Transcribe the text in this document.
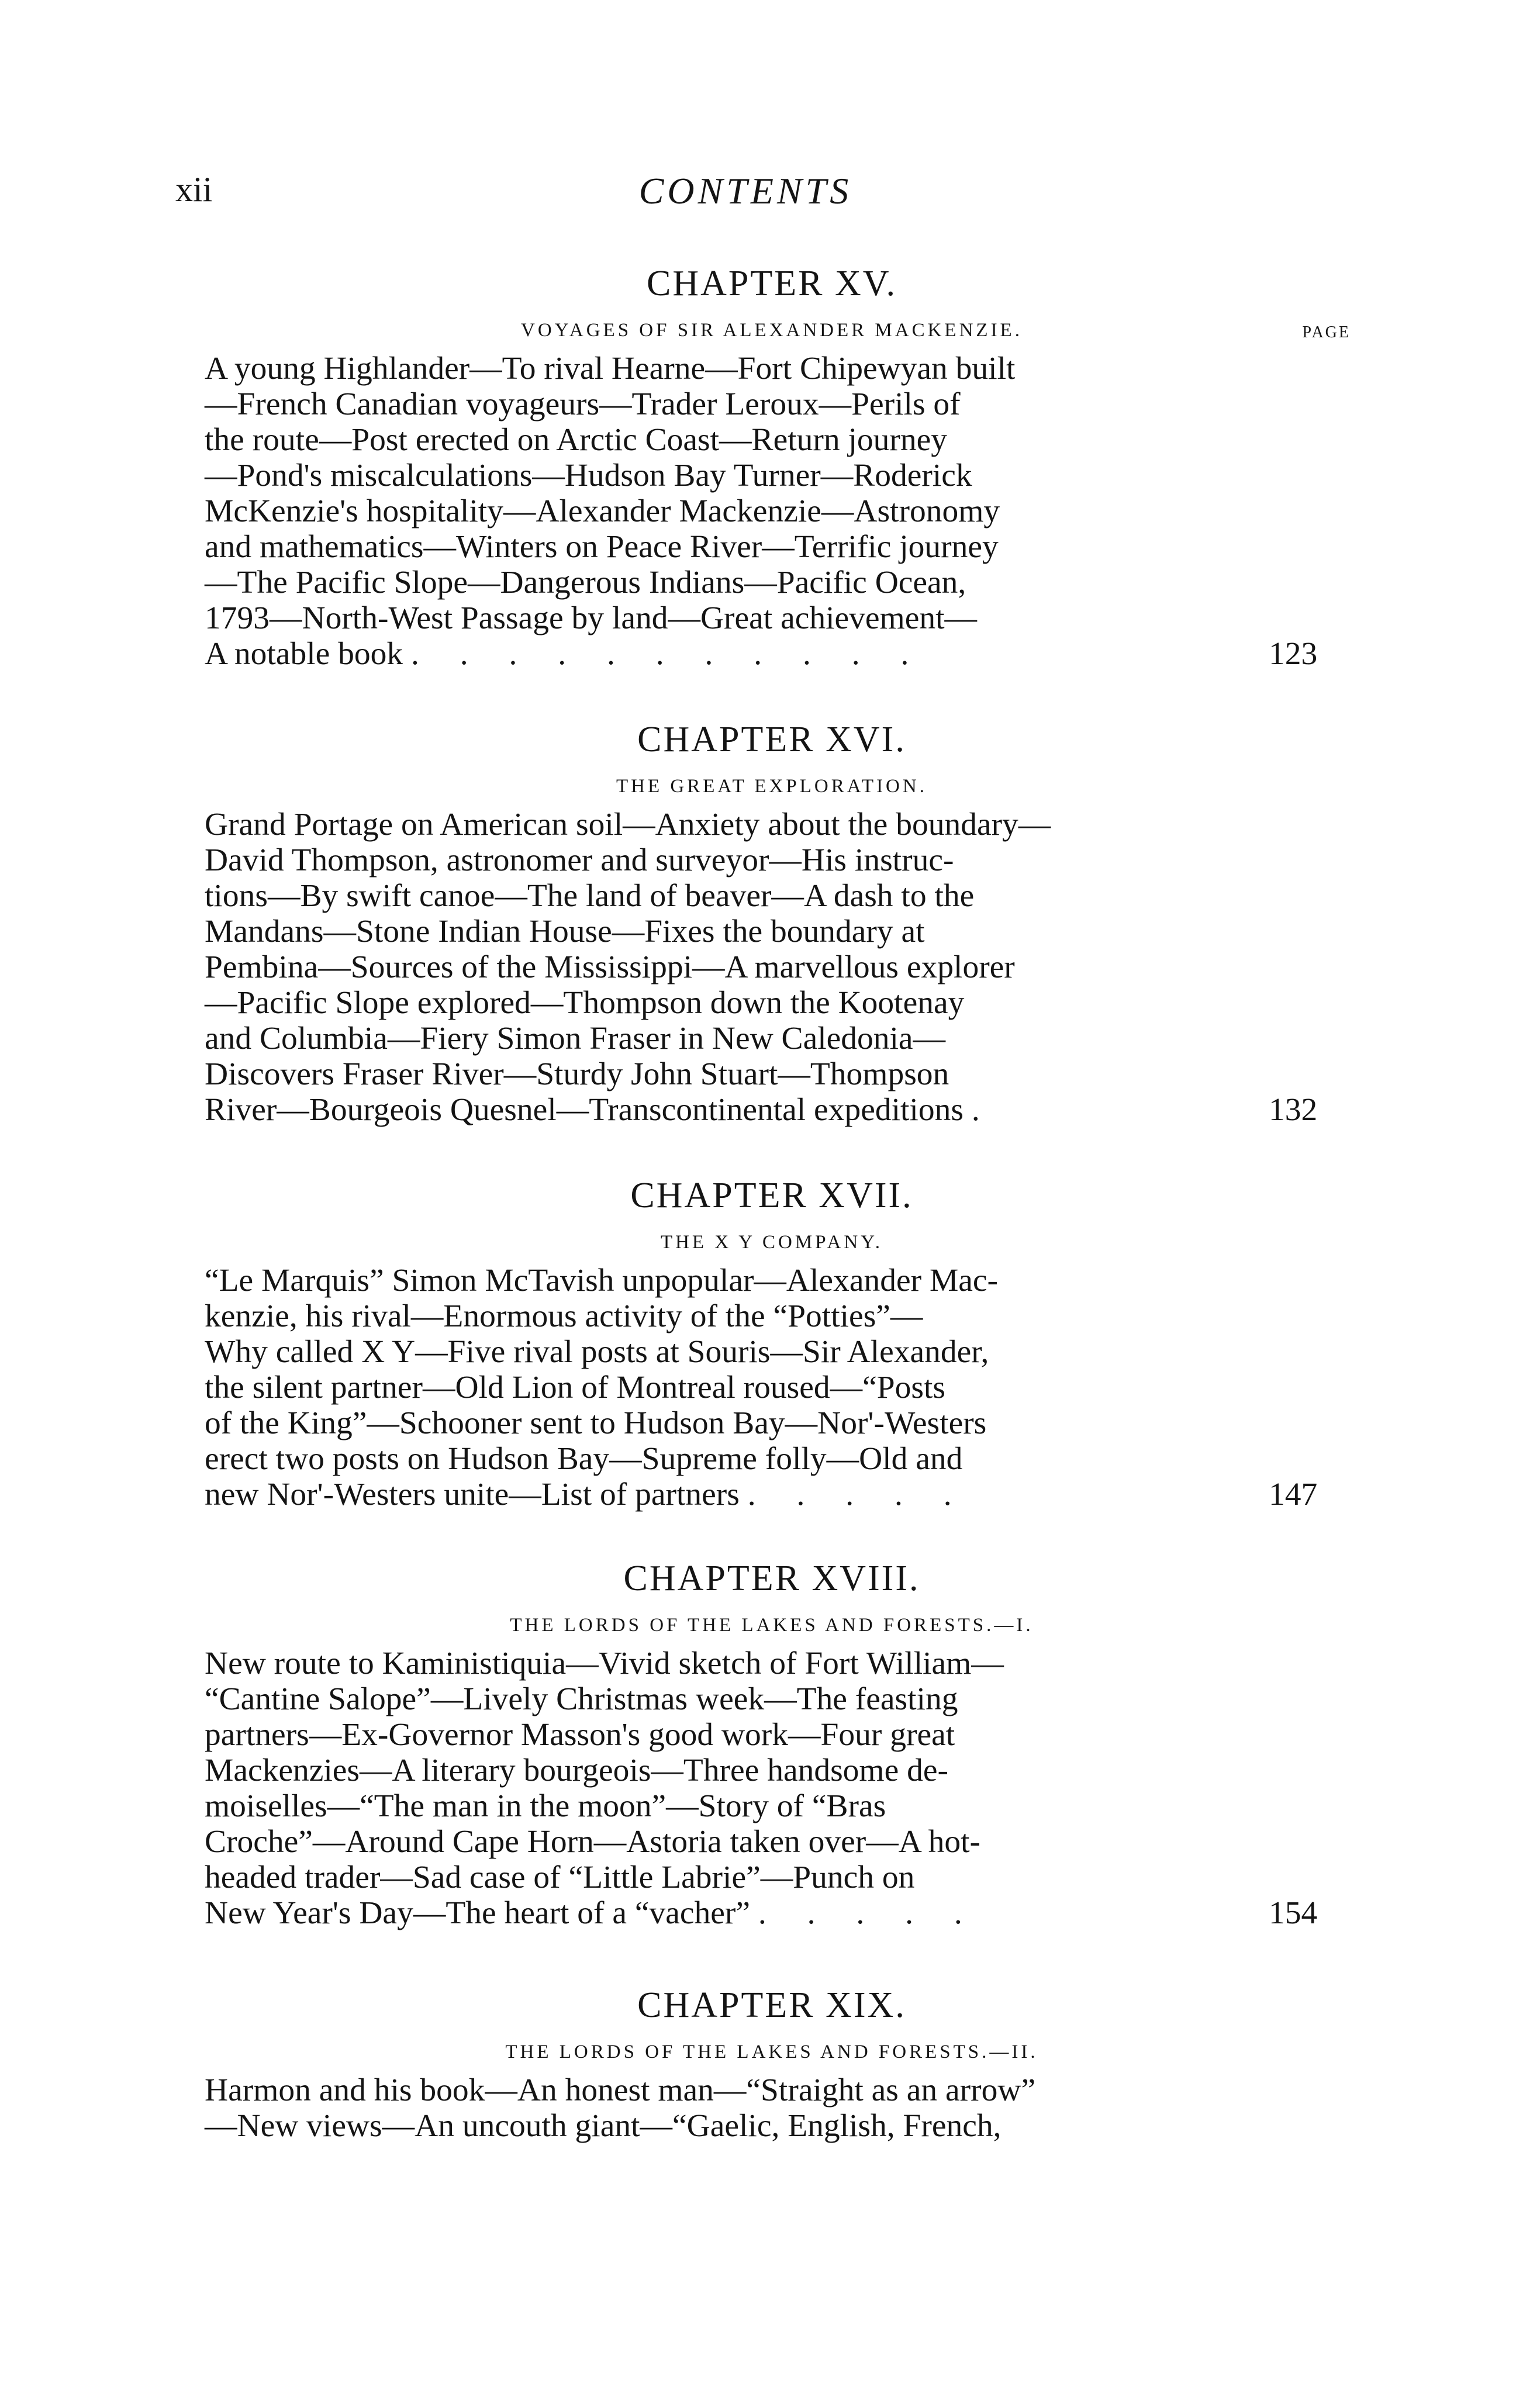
xii	CONTENTS
CHAPTER XV.
VOYAGES OF SIR ALEXANDER MACKENZIE.	PAGE
A young Highlander—To rival Hearne—Fort Chipewyan built
—French Canadian voyageurs—Trader Leroux—Perils of
the route—Post erected on Arctic Coast—Return journey
—Pond's miscalculations—Hudson Bay Turner—Roderick
McKenzie's hospitality—Alexander Mackenzie—Astronomy
and mathematics—Winters on Peace River—Terrific journey
—The Pacific Slope—Dangerous Indians—Pacific Ocean,
1793—North-West Passage by land—Great achievement—
A notable book . . . . . . . . . . .	123
CHAPTER XVI.
THE GREAT EXPLORATION.
Grand Portage on American soil—Anxiety about the boundary—
David Thompson, astronomer and surveyor—His instruc-
tions—By swift canoe—The land of beaver—A dash to the
Mandans—Stone Indian House—Fixes the boundary at
Pembina—Sources of the Mississippi—A marvellous explorer
—Pacific Slope explored—Thompson down the Kootenay
and Columbia—Fiery Simon Fraser in New Caledonia—
Discovers Fraser River—Sturdy John Stuart—Thompson
River—Bourgeois Quesnel—Transcontinental expeditions .	132
CHAPTER XVII.
THE X Y COMPANY.
“Le Marquis” Simon McTavish unpopular—Alexander Mac-
kenzie, his rival—Enormous activity of the “Potties”—
Why called X Y—Five rival posts at Souris—Sir Alexander,
the silent partner—Old Lion of Montreal roused—“Posts
of the King”—Schooner sent to Hudson Bay—Nor'-Westers
erect two posts on Hudson Bay—Supreme folly—Old and
new Nor'-Westers unite—List of partners . . . . .	147
CHAPTER XVIII.
THE LORDS OF THE LAKES AND FORESTS.—I.
New route to Kaministiquia—Vivid sketch of Fort William—
“Cantine Salope”—Lively Christmas week—The feasting
partners—Ex-Governor Masson's good work—Four great
Mackenzies—A literary bourgeois—Three handsome de-
moiselles—“The man in the moon”—Story of “Bras
Croche”—Around Cape Horn—Astoria taken over—A hot-
headed trader—Sad case of “Little Labrie”—Punch on
New Year's Day—The heart of a “vacher” . . . . .	154
CHAPTER XIX.
THE LORDS OF THE LAKES AND FORESTS.—II.
Harmon and his book—An honest man—“Straight as an arrow”
—New views—An uncouth giant—“Gaelic, English, French,
